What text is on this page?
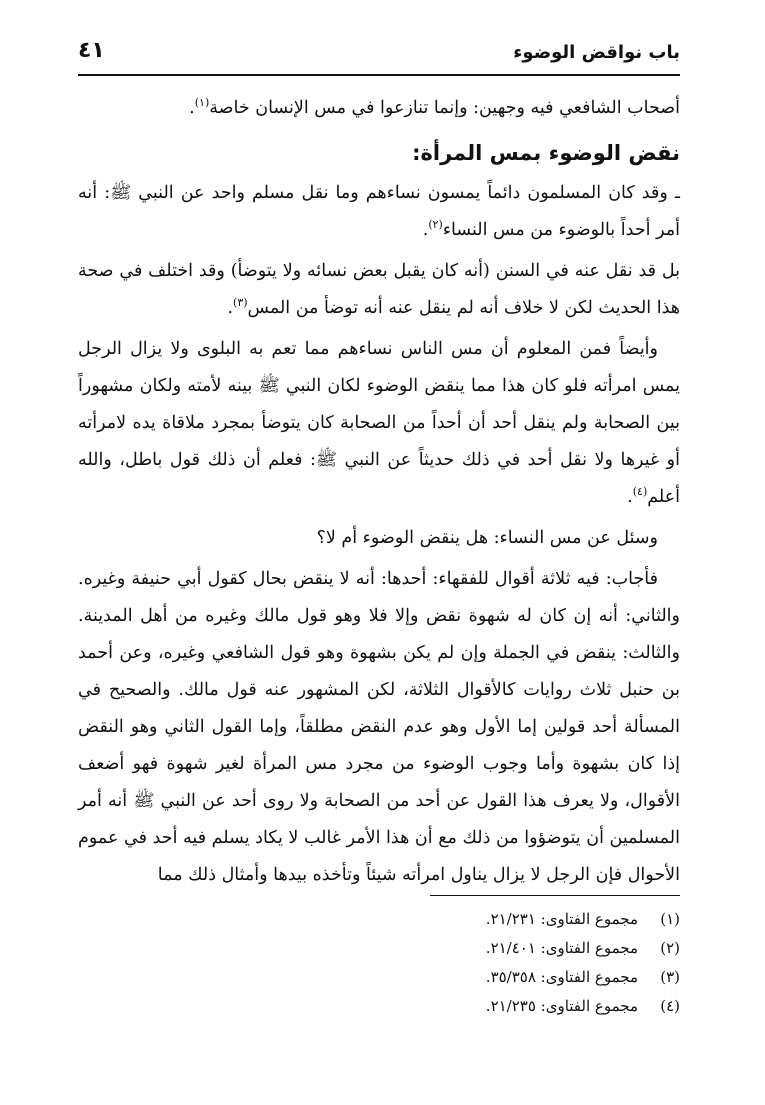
باب نواقض الوضوء
٤١

أصحاب الشافعي فيه وجهين: وإنما تنازعوا في مس الإنسان خاصة$^{(١)}$.

نقض الوضوء بمس المرأة:

ـ وقد كان المسلمون دائماً يمسون نساءهم وما نقل مسلم واحد عن النبي ﷺ: أنه أمر أحداً بالوضوء من مس النساء$^{(٢)}$.

بل قد نقل عنه في السنن (أنه كان يقبل بعض نسائه ولا يتوضأ) وقد اختلف في صحة هذا الحديث لكن لا خلاف أنه لم ينقل عنه أنه توضأ من المس$^{(٣)}$.

وأيضاً فمن المعلوم أن مس الناس نساءهم مما تعم به البلوى ولا يزال الرجل يمس امرأته فلو كان هذا مما ينقض الوضوء لكان النبي ﷺ بينه لأمته ولكان مشهوراً بين الصحابة ولم ينقل أحد أن أحداً من الصحابة كان يتوضأ بمجرد ملاقاة يده لامرأته أو غيرها ولا نقل أحد في ذلك حديثاً عن النبي ﷺ: فعلم أن ذلك قول باطل، والله أعلم$^{(٤)}$.

وسئل عن مس النساء: هل ينقض الوضوء أم لا؟

فأجاب: فيه ثلاثة أقوال للفقهاء: أحدها: أنه لا ينقض بحال كقول أبي حنيفة وغيره. والثاني: أنه إن كان له شهوة نقض وإلا فلا وهو قول مالك وغيره من أهل المدينة. والثالث: ينقض في الجملة وإن لم يكن بشهوة وهو قول الشافعي وغيره، وعن أحمد بن حنبل ثلاث روايات كالأقوال الثلاثة، لكن المشهور عنه قول مالك. والصحيح في المسألة أحد قولين إما الأول وهو عدم النقض مطلقاً، وإما القول الثاني وهو النقض إذا كان بشهوة وأما وجوب الوضوء من مجرد مس المرأة لغير شهوة فهو أضعف الأقوال، ولا يعرف هذا القول عن أحد من الصحابة ولا روى أحد عن النبي ﷺ أنه أمر المسلمين أن يتوضؤوا من ذلك مع أن هذا الأمر غالب لا يكاد يسلم فيه أحد في عموم الأحوال فإن الرجل لا يزال يناول امرأته شيئاً وتأخذه بيدها وأمثال ذلك مما

(١)
مجموع الفتاوى: ٢١/٢٣١.
(٢)
مجموع الفتاوى: ٢١/٤٠١.
(٣)
مجموع الفتاوى: ٣٥/٣٥٨.
(٤)
مجموع الفتاوى: ٢١/٢٣٥.
